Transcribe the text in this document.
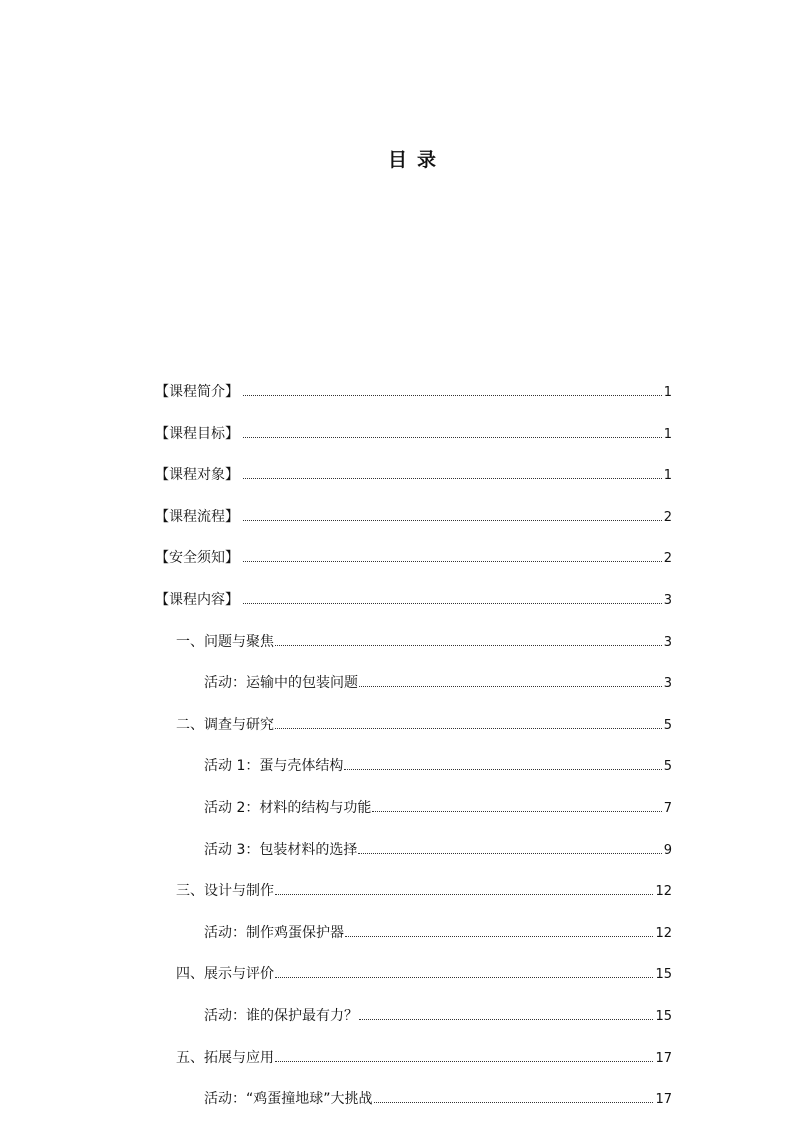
目录
【课程简介】	1
【课程目标】	1
【课程对象】	1
【课程流程】	2
【安全须知】	2
【课程内容】	3
一、问题与聚焦	3
活动：运输中的包装问题	3
二、调查与研究	5
活动 1：蛋与壳体结构	5
活动 2：材料的结构与功能	7
活动 3：包装材料的选择	9
三、设计与制作	12
活动：制作鸡蛋保护器	12
四、展示与评价	15
活动：谁的保护最有力？	15
五、拓展与应用	17
活动：“鸡蛋撞地球”大挑战	17
